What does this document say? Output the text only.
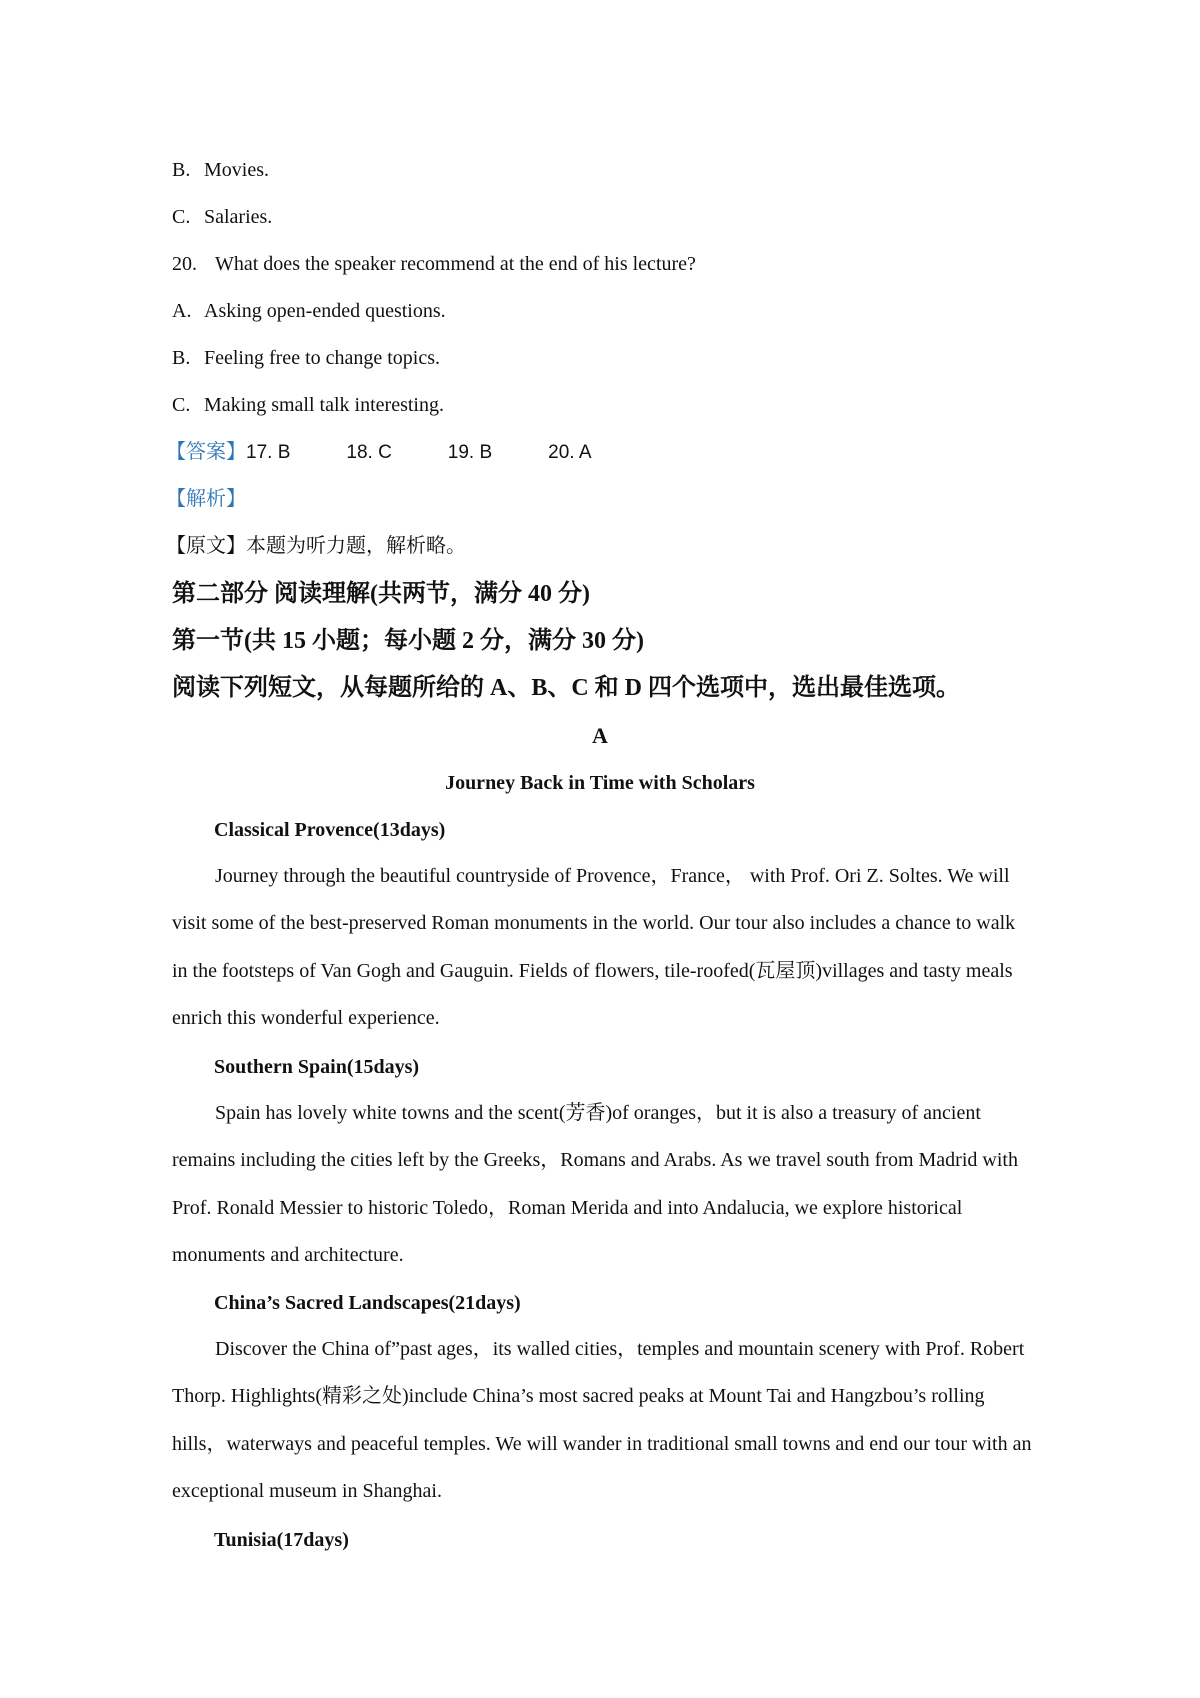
B. Movies.

C. Salaries.

20. What does the speaker recommend at the end of his lecture?

A. Asking open-ended questions.

B. Feeling free to change topics.

C. Making small talk interesting.

【答案】17. B	18. C	19. B	20. A

【解析】

【原文】本题为听力题，解析略。

第二部分 阅读理解(共两节，满分 40 分)

第一节(共 15 小题；每小题 2 分，满分 30 分)

阅读下列短文，从每题所给的 A、B、C 和 D 四个选项中，选出最佳选项。

A

Journey Back in Time with Scholars

Classical Provence(13days)

Journey through the beautiful countryside of Provence，France， with Prof. Ori Z. Soltes. We will visit some of the best-preserved Roman monuments in the world. Our tour also includes a chance to walk in the footsteps of Van Gogh and Gauguin. Fields of flowers, tile-roofed(瓦屋顶)villages and tasty meals enrich this wonderful experience.

Southern Spain(15days)

Spain has lovely white towns and the scent(芳香)of oranges，but it is also a treasury of ancient remains including the cities left by the Greeks，Romans and Arabs. As we travel south from Madrid with Prof. Ronald Messier to historic Toledo，Roman Merida and into Andalucia, we explore historical monuments and architecture.

China’s Sacred Landscapes(21days)

Discover the China of”past ages，its walled cities，temples and mountain scenery with Prof. Robert Thorp. Highlights(精彩之处)include China’s most sacred peaks at Mount Tai and Hangzbou’s rolling hills，waterways and peaceful temples. We will wander in traditional small towns and end our tour with an exceptional museum in Shanghai.

Tunisia(17days)
